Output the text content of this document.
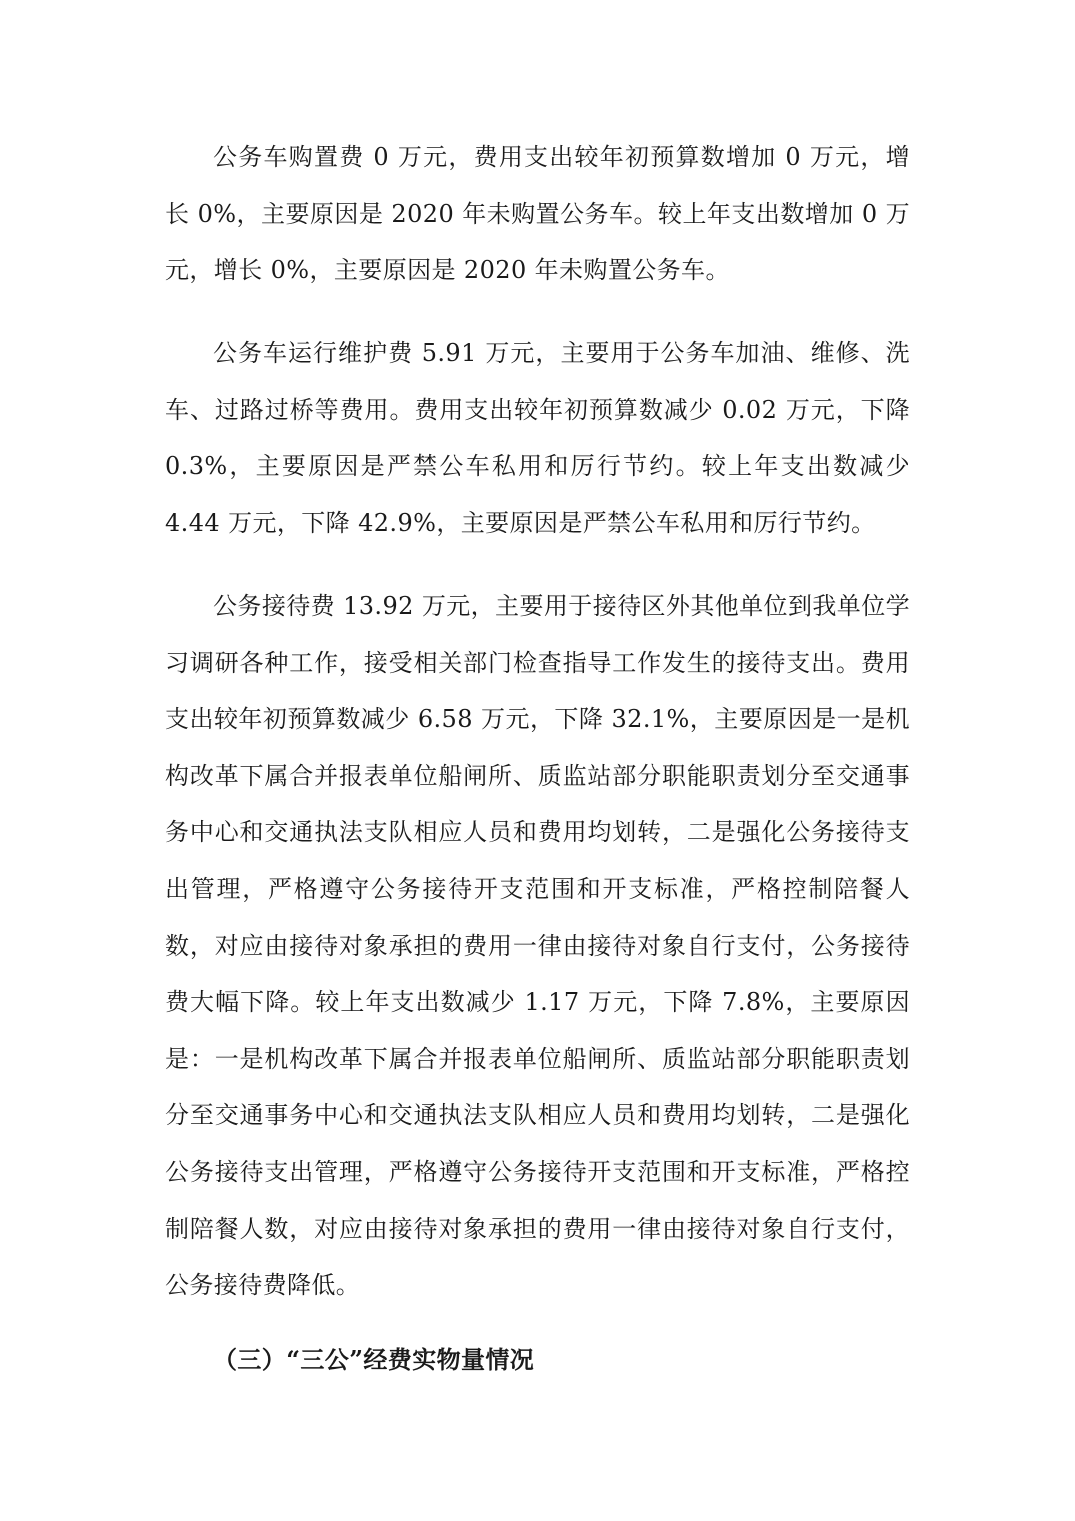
公务车购置费 0 万元，费用支出较年初预算数增加 0 万元，增长 0%，主要原因是 2020 年未购置公务车。较上年支出数增加 0 万元，增长 0%，主要原因是 2020 年未购置公务车。

公务车运行维护费 5.91 万元，主要用于公务车加油、维修、洗车、过路过桥等费用。费用支出较年初预算数减少 0.02 万元，下降 0.3%，主要原因是严禁公车私用和厉行节约。较上年支出数减少 4.44 万元，下降 42.9%，主要原因是严禁公车私用和厉行节约。

公务接待费 13.92 万元，主要用于接待区外其他单位到我单位学习调研各种工作，接受相关部门检查指导工作发生的接待支出。费用支出较年初预算数减少 6.58 万元，下降 32.1%，主要原因是一是机构改革下属合并报表单位船闸所、质监站部分职能职责划分至交通事务中心和交通执法支队相应人员和费用均划转，二是强化公务接待支出管理，严格遵守公务接待开支范围和开支标准，严格控制陪餐人数，对应由接待对象承担的费用一律由接待对象自行支付，公务接待费大幅下降。较上年支出数减少 1.17 万元，下降 7.8%，主要原因是：一是机构改革下属合并报表单位船闸所、质监站部分职能职责划分至交通事务中心和交通执法支队相应人员和费用均划转，二是强化公务接待支出管理，严格遵守公务接待开支范围和开支标准，严格控制陪餐人数，对应由接待对象承担的费用一律由接待对象自行支付，公务接待费降低。

（三）“三公”经费实物量情况
